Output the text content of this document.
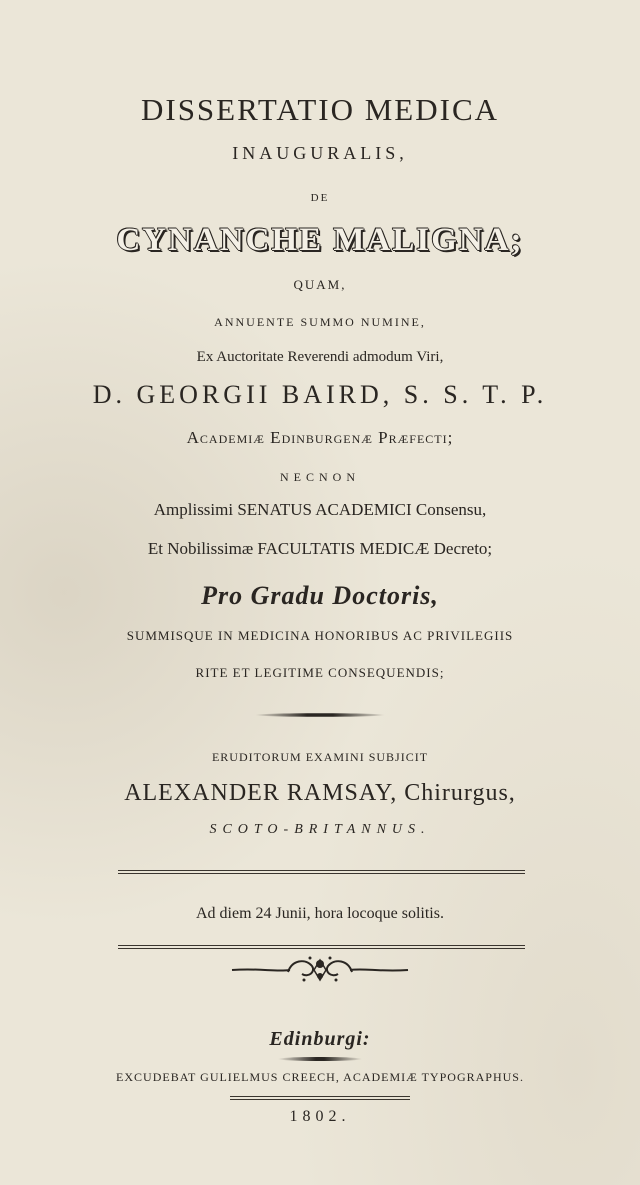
DISSERTATIO MEDICA
INAUGURALIS,
DE
CYNANCHE MALIGNA;
QUAM,
ANNUENTE SUMMO NUMINE,
Ex Auctoritate Reverendi admodum Viri,
D. GEORGII BAIRD, S. S. T. P.
Academiæ Edinburgenæ Præfecti;
NECNON
Amplissimi SENATUS ACADEMICI Consensu,
Et Nobilissimæ FACULTATIS MEDICÆ Decreto;
Pro Gradu Doctoris,
SUMMISQUE IN MEDICINA HONORIBUS AC PRIVILEGIIS
RITE ET LEGITIME CONSEQUENDIS;
ERUDITORUM EXAMINI SUBJICIT
ALEXANDER RAMSAY, Chirurgus,
SCOTO-BRITANNUS.
Ad diem 24 Junii, hora locoque solitis.
Edinburgi:
EXCUDEBAT GULIELMUS CREECH, ACADEMIÆ TYPOGRAPHUS.
1802.
